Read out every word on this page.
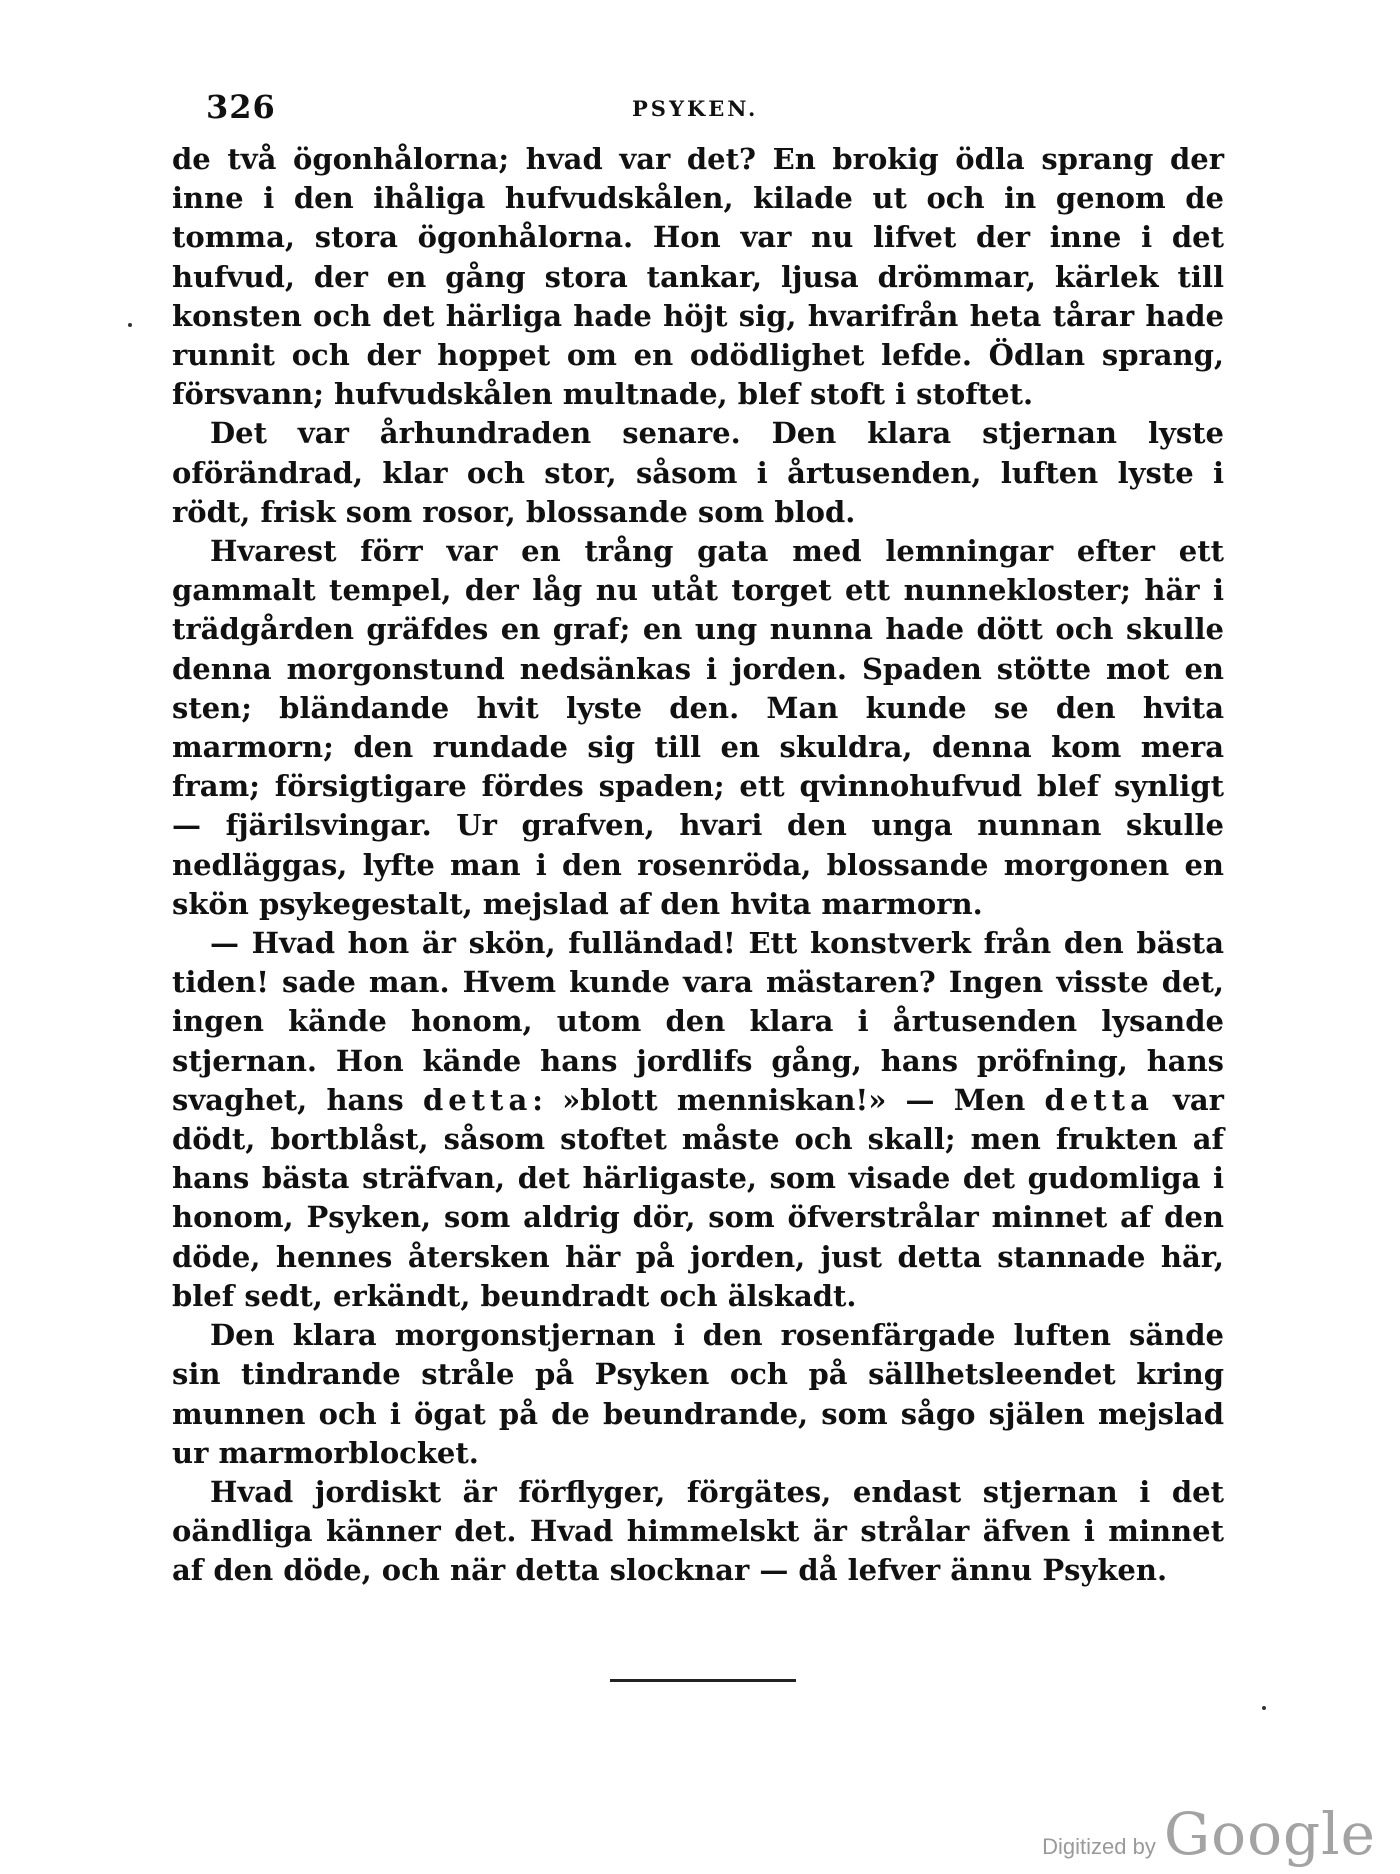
326	PSYKEN.

de två ögonhålorna; hvad var det? En brokig ödla sprang der inne i den ihåliga hufvudskålen, kilade ut och in genom de tomma, stora ögonhålorna. Hon var nu lifvet der inne i det hufvud, der en gång stora tankar, ljusa drömmar, kärlek till konsten och det härliga hade höjt sig, hvarifrån heta tårar hade runnit och der hoppet om en odödlighet lefde. Ödlan sprang, försvann; hufvudskålen multnade, blef stoft i stoftet.

Det var århundraden senare. Den klara stjernan lyste oförändrad, klar och stor, såsom i årtusenden, luften lyste i rödt, frisk som rosor, blossande som blod.

Hvarest förr var en trång gata med lemningar efter ett gammalt tempel, der låg nu utåt torget ett nunnekloster; här i trädgården gräfdes en graf; en ung nunna hade dött och skulle denna morgonstund nedsänkas i jorden. Spaden stötte mot en sten; bländande hvit lyste den. Man kunde se den hvita marmorn; den rundade sig till en skuldra, denna kom mera fram; försigtigare fördes spaden; ett qvinnohufvud blef synligt — fjärilsvingar. Ur grafven, hvari den unga nunnan skulle nedläggas, lyfte man i den rosenröda, blossande morgonen en skön psykegestalt, mejslad af den hvita marmorn.

— Hvad hon är skön, fulländad! Ett konstverk från den bästa tiden! sade man. Hvem kunde vara mästaren? Ingen visste det, ingen kände honom, utom den klara i årtusenden lysande stjernan. Hon kände hans jordlifs gång, hans pröfning, hans svaghet, hans detta: »blott menniskan!» — Men detta var dödt, bortblåst, såsom stoftet måste och skall; men frukten af hans bästa sträfvan, det härligaste, som visade det gudomliga i honom, Psyken, som aldrig dör, som öfverstrålar minnet af den döde, hennes återsken här på jorden, just detta stannade här, blef sedt, erkändt, beundradt och älskadt.

Den klara morgonstjernan i den rosenfärgade luften sände sin tindrande stråle på Psyken och på sällhetsleendet kring munnen och i ögat på de beundrande, som sågo själen mejslad ur marmorblocket.

Hvad jordiskt är förflyger, förgätes, endast stjernan i det oändliga känner det. Hvad himmelskt är strålar äfven i minnet af den döde, och när detta slocknar — då lefver ännu Psyken.

Digitized by Google
